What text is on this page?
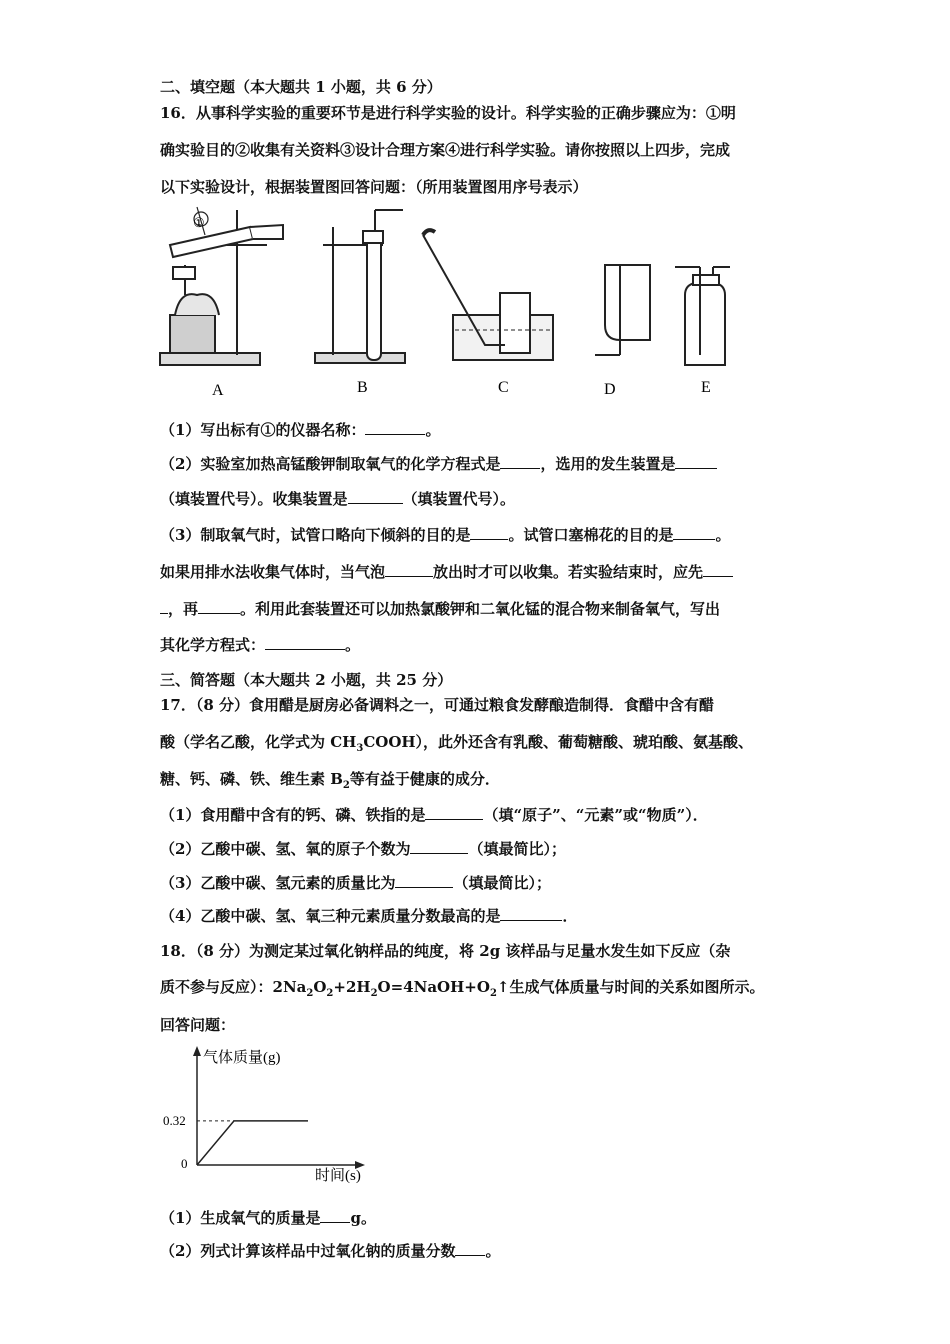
二、填空题（本大题共 1 小题，共 6 分）
16．从事科学实验的重要环节是进行科学实验的设计。科学实验的正确步骤应为：①明
确实验目的②收集有关资料③设计合理方案④进行科学实验。请你按照以上四步，完成
以下实验设计，根据装置图回答问题：（所用装置图用序号表示）
①
A	B	C	D	E
（1）写出标有①的仪器名称：	。
（2）实验室加热高锰酸钾制取氧气的化学方程式是	，选用的发生装置是
（填装置代号）。收集装置是	（填装置代号）。
（3）制取氧气时，试管口略向下倾斜的目的是	。试管口塞棉花的目的是	。
如果用排水法收集气体时，当气泡	放出时才可以收集。若实验结束时，应先
，再	。利用此套装置还可以加热氯酸钾和二氧化锰的混合物来制备氧气，写出
其化学方程式：	。
三、简答题（本大题共 2 小题，共 25 分）
17．（8 分）食用醋是厨房必备调料之一，可通过粮食发酵酿造制得．食醋中含有醋
酸（学名乙酸，化学式为 $CH_3COOH$），此外还含有乳酸、葡萄糖酸、琥珀酸、氨基酸、
糖、钙、磷、铁、维生素 $B_2$等有益于健康的成分．
（1）食用醋中含有的钙、磷、铁指的是	（填“原子”、“元素”或“物质”）．
（2）乙酸中碳、氢、氧的原子个数为	（填最简比）；
（3）乙酸中碳、氢元素的质量比为	（填最简比）；
（4）乙酸中碳、氢、氧三种元素质量分数最高的是	．
18．（8 分）为测定某过氧化钠样品的纯度，将 2g 该样品与足量水发生如下反应（杂
质不参与反应）：$2Na_2O_2+2H_2O=4NaOH+O_2↑$生成气体质量与时间的关系如图所示。
回答问题：
气体质量(g)
时间(s)
0
0.32
（1）生成氧气的质量是 g。
（2）列式计算该样品中过氧化钠的质量分数 。
